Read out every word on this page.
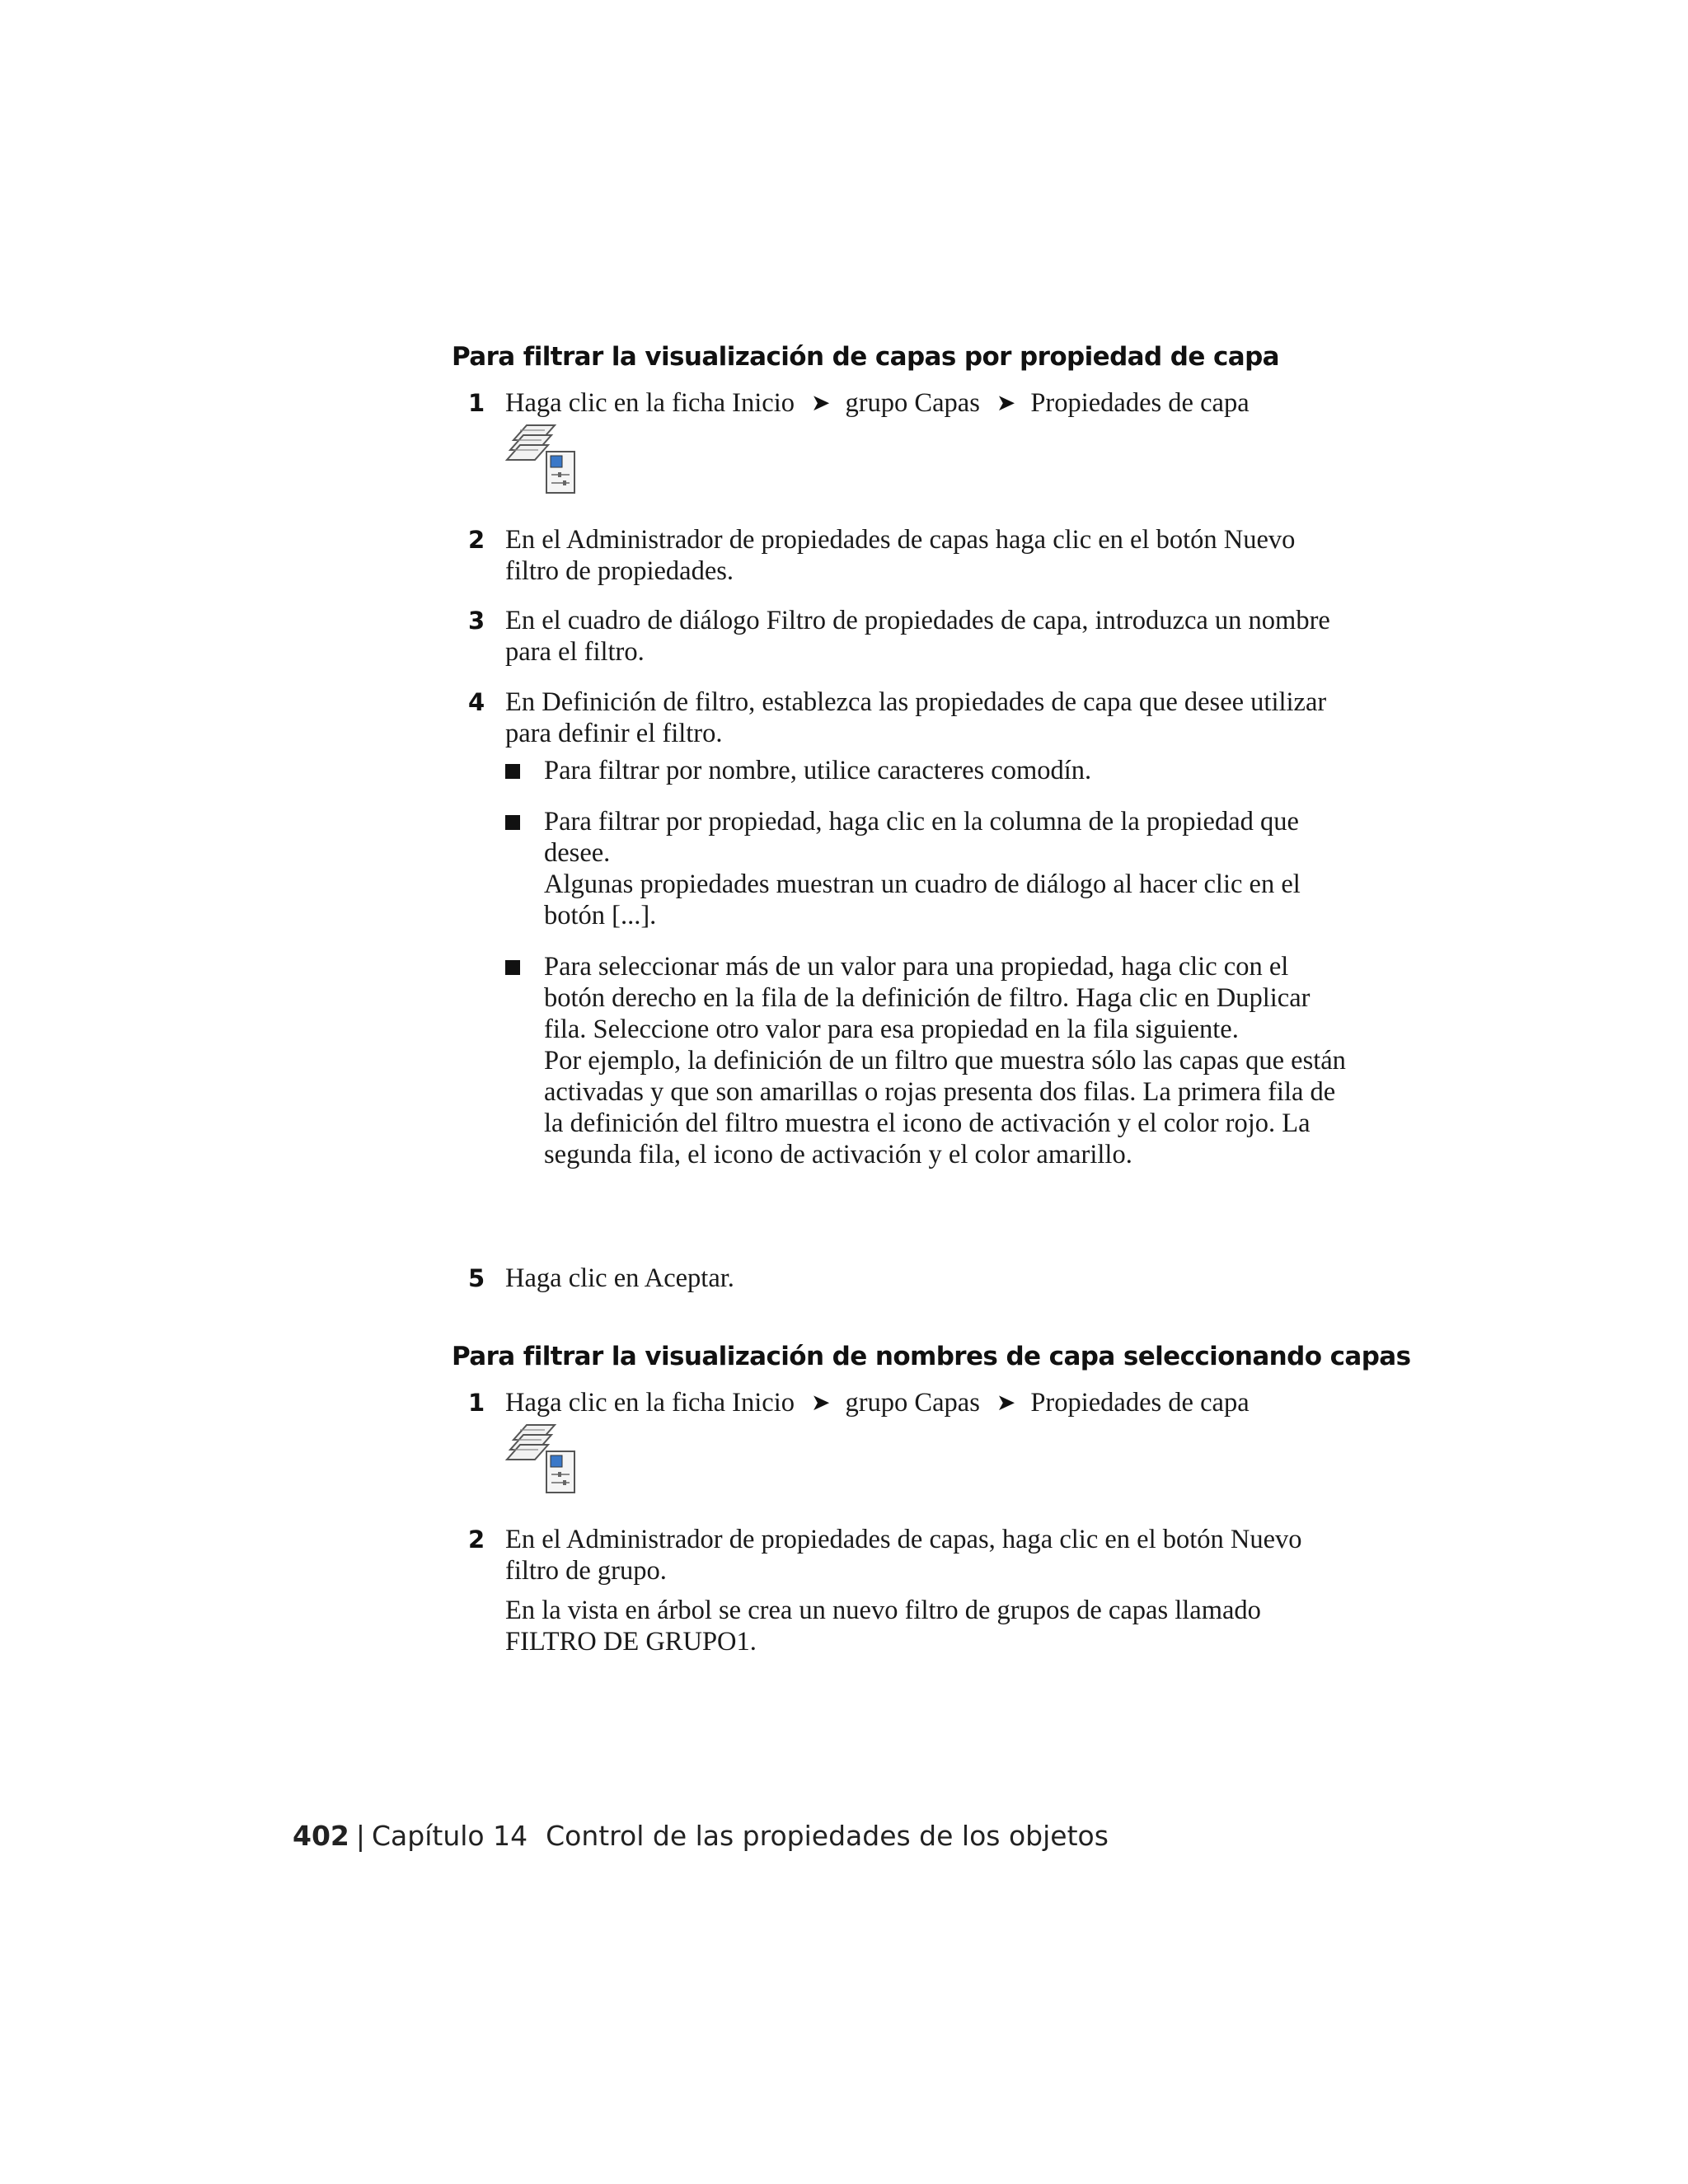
Para filtrar la visualización de capas por propiedad de capa
1 Haga clic en la ficha Inicio ➤ grupo Capas ➤ Propiedades de capa
2 En el Administrador de propiedades de capas haga clic en el botón Nuevo filtro de propiedades.
3 En el cuadro de diálogo Filtro de propiedades de capa, introduzca un nombre para el filtro.
4 En Definición de filtro, establezca las propiedades de capa que desee utilizar para definir el filtro.
Para filtrar por nombre, utilice caracteres comodín.

Para filtrar por propiedad, haga clic en la columna de la propiedad que desee.

Algunas propiedades muestran un cuadro de diálogo al hacer clic en el botón [...].

Para seleccionar más de un valor para una propiedad, haga clic con el botón derecho en la fila de la definición de filtro. Haga clic en Duplicar fila. Seleccione otro valor para esa propiedad en la fila siguiente.

Por ejemplo, la definición de un filtro que muestra sólo las capas que están activadas y que son amarillas o rojas presenta dos filas. La primera fila de la definición del filtro muestra el icono de activación y el color rojo. La segunda fila, el icono de activación y el color amarillo.

5 Haga clic en Aceptar.
Para filtrar la visualización de nombres de capa seleccionando capas
1 Haga clic en la ficha Inicio ➤ grupo Capas ➤ Propiedades de capa
2 En el Administrador de propiedades de capas, haga clic en el botón Nuevo filtro de grupo.

En la vista en árbol se crea un nuevo filtro de grupos de capas llamado FILTRO DE GRUPO1.

402 | Capítulo 14 Control de las propiedades de los objetos
